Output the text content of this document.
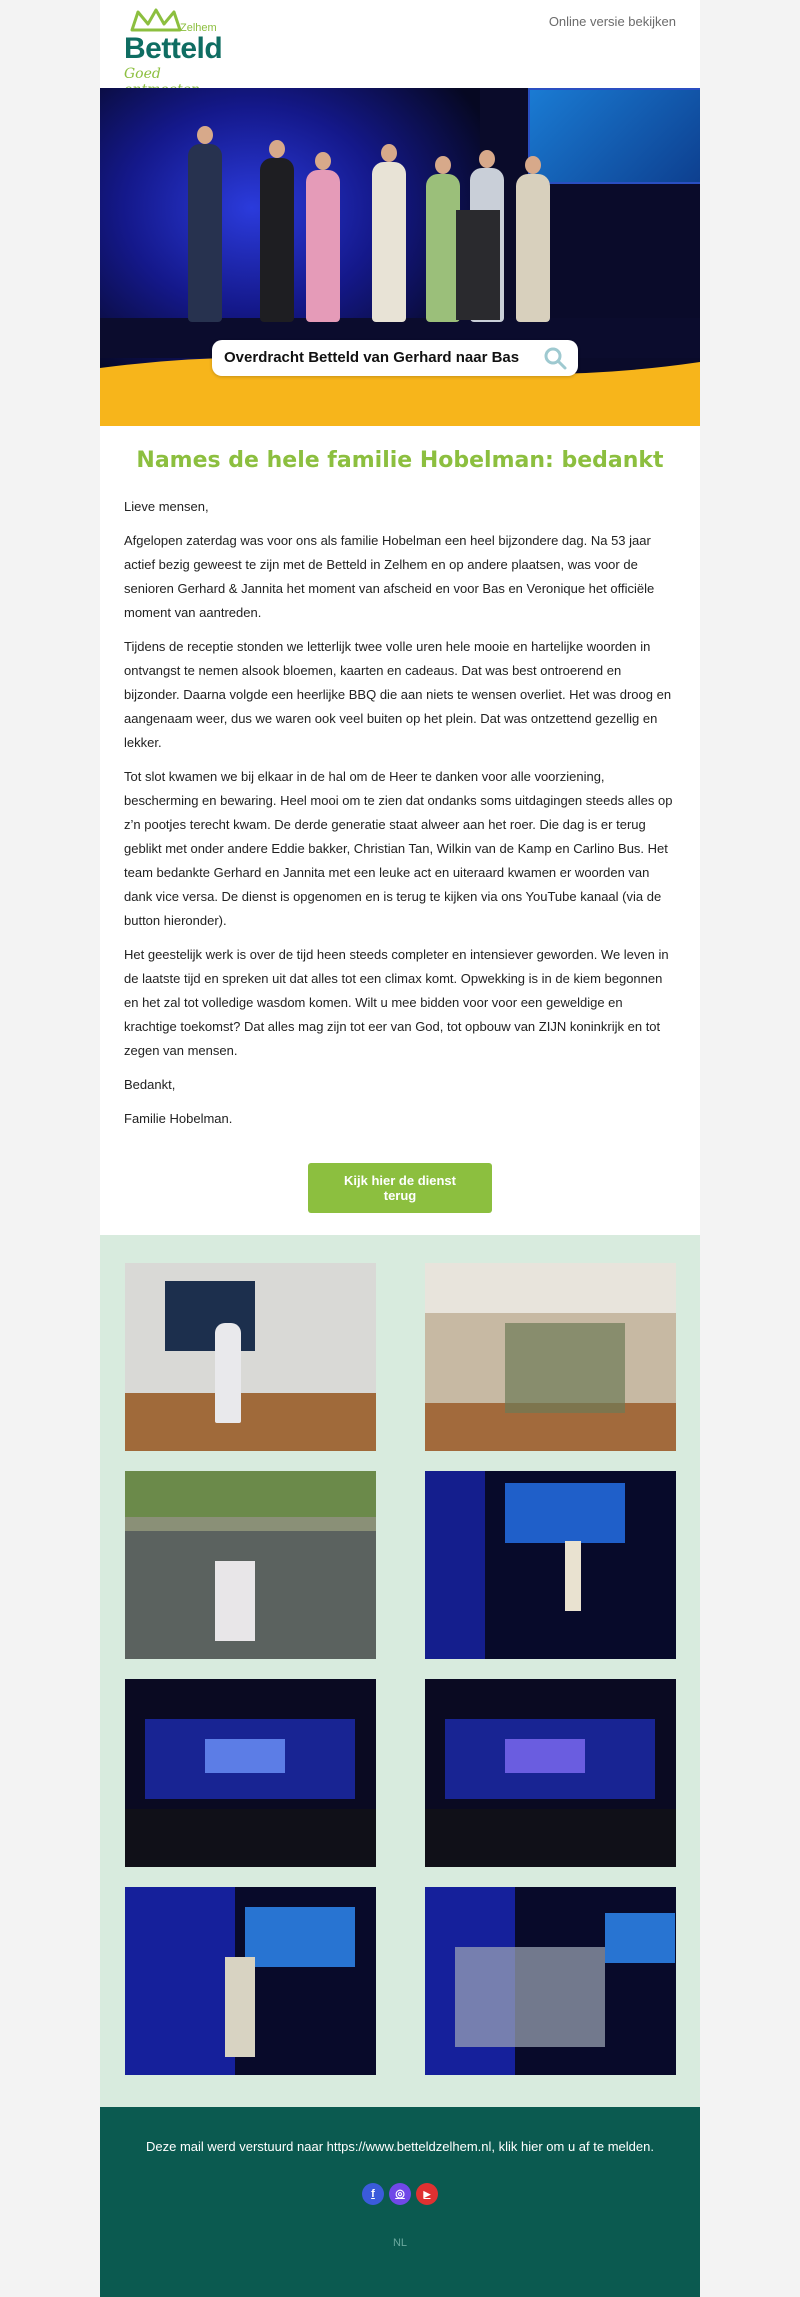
Zelhem
Betteld
Goed
Online versie bekijken
Overdracht Betteld van Gerhard naar Bas
Names de hele familie Hobelman: bedankt

Lieve mensen,

Afgelopen zaterdag was voor ons als familie Hobelman een heel bijzondere dag. Na 53 jaar actief bezig geweest te zijn met de Betteld in Zelhem en op andere plaatsen, was voor de senioren Gerhard & Jannita het moment van afscheid en voor Bas en Veronique het officiële moment van aantreden.

Tijdens de receptie stonden we letterlijk twee volle uren hele mooie en hartelijke woorden in ontvangst te nemen alsook bloemen, kaarten en cadeaus. Dat was best ontroerend en bijzonder. Daarna volgde een heerlijke BBQ die aan niets te wensen overliet. Het was droog en aangenaam weer, dus we waren ook veel buiten op het plein. Dat was ontzettend gezellig en lekker.

Tot slot kwamen we bij elkaar in de hal om de Heer te danken voor alle voorziening, bescherming en bewaring. Heel mooi om te zien dat ondanks soms uitdagingen steeds alles op z’n pootjes terecht kwam. De derde generatie staat alweer aan het roer. Die dag is er terug geblikt met onder andere Eddie bakker, Christian Tan, Wilkin van de Kamp en Carlino Bus. Het team bedankte Gerhard en Jannita met een leuke act en uiteraard kwamen er woorden van dank vice versa. De dienst is opgenomen en is terug te kijken via ons YouTube kanaal (via de button hieronder).

Het geestelijk werk is over de tijd heen steeds completer en intensiever geworden. We leven in de laatste tijd en spreken uit dat alles tot een climax komt. Opwekking is in de kiem begonnen en het zal tot volledige wasdom komen. Wilt u mee bidden voor voor een geweldige en krachtige toekomst? Dat alles mag zijn tot eer van God, tot opbouw van ZIJN koninkrijk en tot zegen van mensen.

Bedankt,

Familie Hobelman.

Kijk hier de dienst terug
Deze mail werd verstuurd naar https://www.betteldzelhem.nl, klik hier om u af te melden.
f	◎	▶
NL
